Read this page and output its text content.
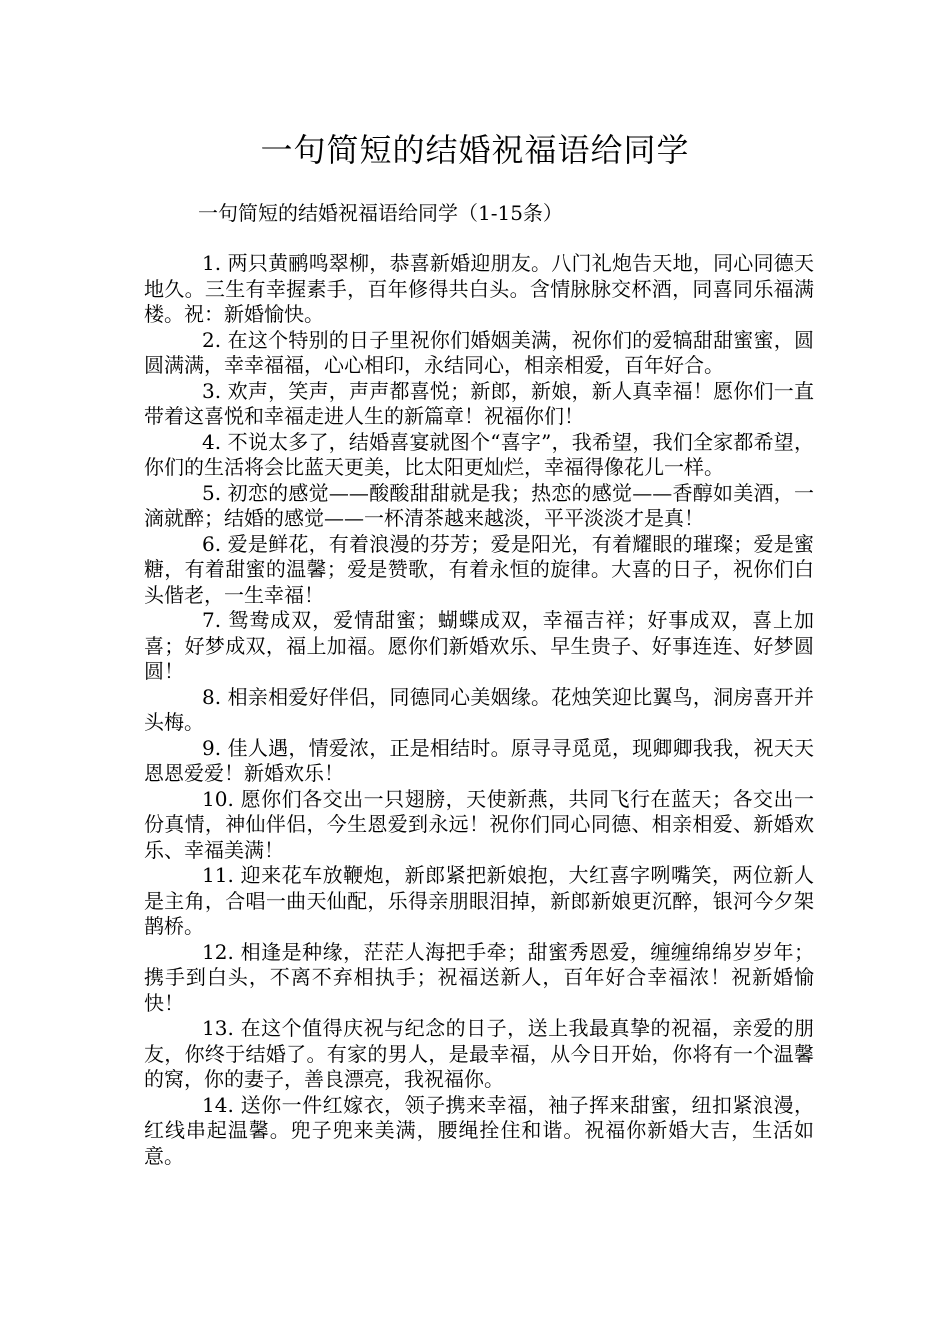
一句简短的结婚祝福语给同学
一句简短的结婚祝福语给同学（1-15条）

1. 两只黄鹂鸣翠柳，恭喜新婚迎朋友。八门礼炮告天地，同心同德天地久。三生有幸握素手，百年修得共白头。含情脉脉交杯酒，同喜同乐福满楼。祝：新婚愉快。

2. 在这个特别的日子里祝你们婚姻美满，祝你们的爱犒甜甜蜜蜜，圆圆满满，幸幸福福，心心相印，永结同心，相亲相爱，百年好合。

3. 欢声，笑声，声声都喜悦；新郎，新娘，新人真幸福！愿你们一直带着这喜悦和幸福走进人生的新篇章！祝福你们！

4. 不说太多了，结婚喜宴就图个“喜字”，我希望，我们全家都希望，你们的生活将会比蓝天更美，比太阳更灿烂，幸福得像花儿一样。

5. 初恋的感觉——酸酸甜甜就是我；热恋的感觉——香醇如美酒，一滴就醉；结婚的感觉——一杯清茶越来越淡，平平淡淡才是真！

6. 爱是鲜花，有着浪漫的芬芳；爱是阳光，有着耀眼的璀璨；爱是蜜糖，有着甜蜜的温馨；爱是赞歌，有着永恒的旋律。大喜的日子，祝你们白头偕老，一生幸福！

7. 鸳鸯成双，爱情甜蜜；蝴蝶成双，幸福吉祥；好事成双，喜上加喜；好梦成双，福上加福。愿你们新婚欢乐、早生贵子、好事连连、好梦圆圆！

8. 相亲相爱好伴侣，同德同心美姻缘。花烛笑迎比翼鸟，洞房喜开并头梅。

9. 佳人遇，情爱浓，正是相结时。原寻寻觅觅，现卿卿我我，祝天天恩恩爱爱！新婚欢乐！

10. 愿你们各交出一只翅膀，天使新燕，共同飞行在蓝天；各交出一份真情，神仙伴侣，今生恩爱到永远！祝你们同心同德、相亲相爱、新婚欢乐、幸福美满！

11. 迎来花车放鞭炮，新郎紧把新娘抱，大红喜字咧嘴笑，两位新人是主角，合唱一曲天仙配，乐得亲朋眼泪掉，新郎新娘更沉醉，银河今夕架鹊桥。

12. 相逢是种缘，茫茫人海把手牵；甜蜜秀恩爱，缠缠绵绵岁岁年；携手到白头，不离不弃相执手；祝福送新人，百年好合幸福浓！祝新婚愉快！

13. 在这个值得庆祝与纪念的日子，送上我最真挚的祝福，亲爱的朋友，你终于结婚了。有家的男人，是最幸福，从今日开始，你将有一个温馨的窝，你的妻子，善良漂亮，我祝福你。

14. 送你一件红嫁衣，领子携来幸福，袖子挥来甜蜜，纽扣紧浪漫，红线串起温馨。兜子兜来美满，腰绳拴住和谐。祝福你新婚大吉，生活如意。
